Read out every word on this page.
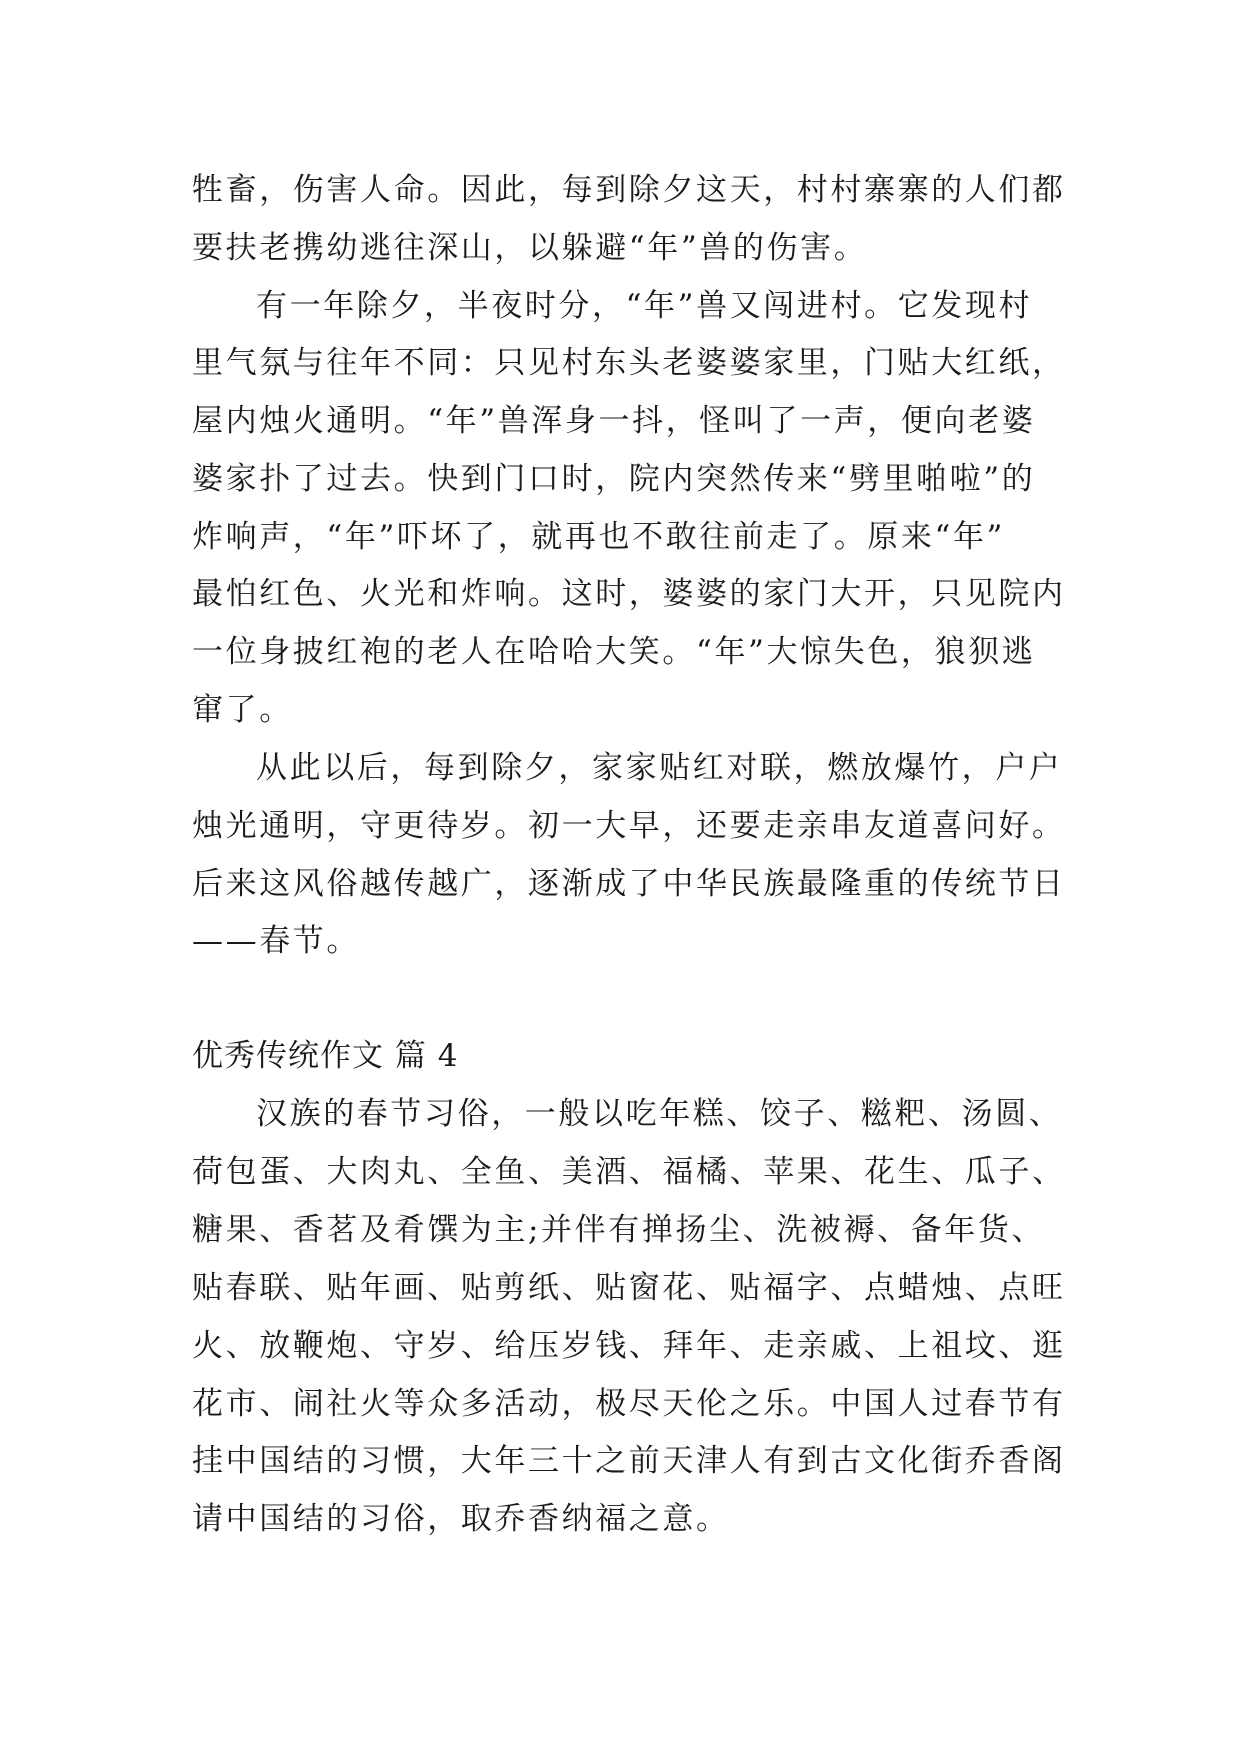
牲畜，伤害人命。因此，每到除夕这天，村村寨寨的人们都
要扶老携幼逃往深山，以躲避“年”兽的伤害。
有一年除夕，半夜时分，“年”兽又闯进村。它发现村
里气氛与往年不同：只见村东头老婆婆家里，门贴大红纸，
屋内烛火通明。“年”兽浑身一抖，怪叫了一声，便向老婆
婆家扑了过去。快到门口时，院内突然传来“劈里啪啦”的
炸响声，“年”吓坏了，就再也不敢往前走了。原来“年”
最怕红色、火光和炸响。这时，婆婆的家门大开，只见院内
一位身披红袍的老人在哈哈大笑。“年”大惊失色，狼狈逃
窜了。
从此以后，每到除夕，家家贴红对联，燃放爆竹，户户
烛光通明，守更待岁。初一大早，还要走亲串友道喜问好。
后来这风俗越传越广，逐渐成了中华民族最隆重的传统节日
——春节。
优秀传统作文 篇 4
汉族的春节习俗，一般以吃年糕、饺子、糍粑、汤圆、
荷包蛋、大肉丸、全鱼、美酒、福橘、苹果、花生、瓜子、
糖果、香茗及肴馔为主;并伴有掸扬尘、洗被褥、备年货、
贴春联、贴年画、贴剪纸、贴窗花、贴福字、点蜡烛、点旺
火、放鞭炮、守岁、给压岁钱、拜年、走亲戚、上祖坟、逛
花市、闹社火等众多活动，极尽天伦之乐。中国人过春节有
挂中国结的习惯，大年三十之前天津人有到古文化街乔香阁
请中国结的习俗，取乔香纳福之意。
